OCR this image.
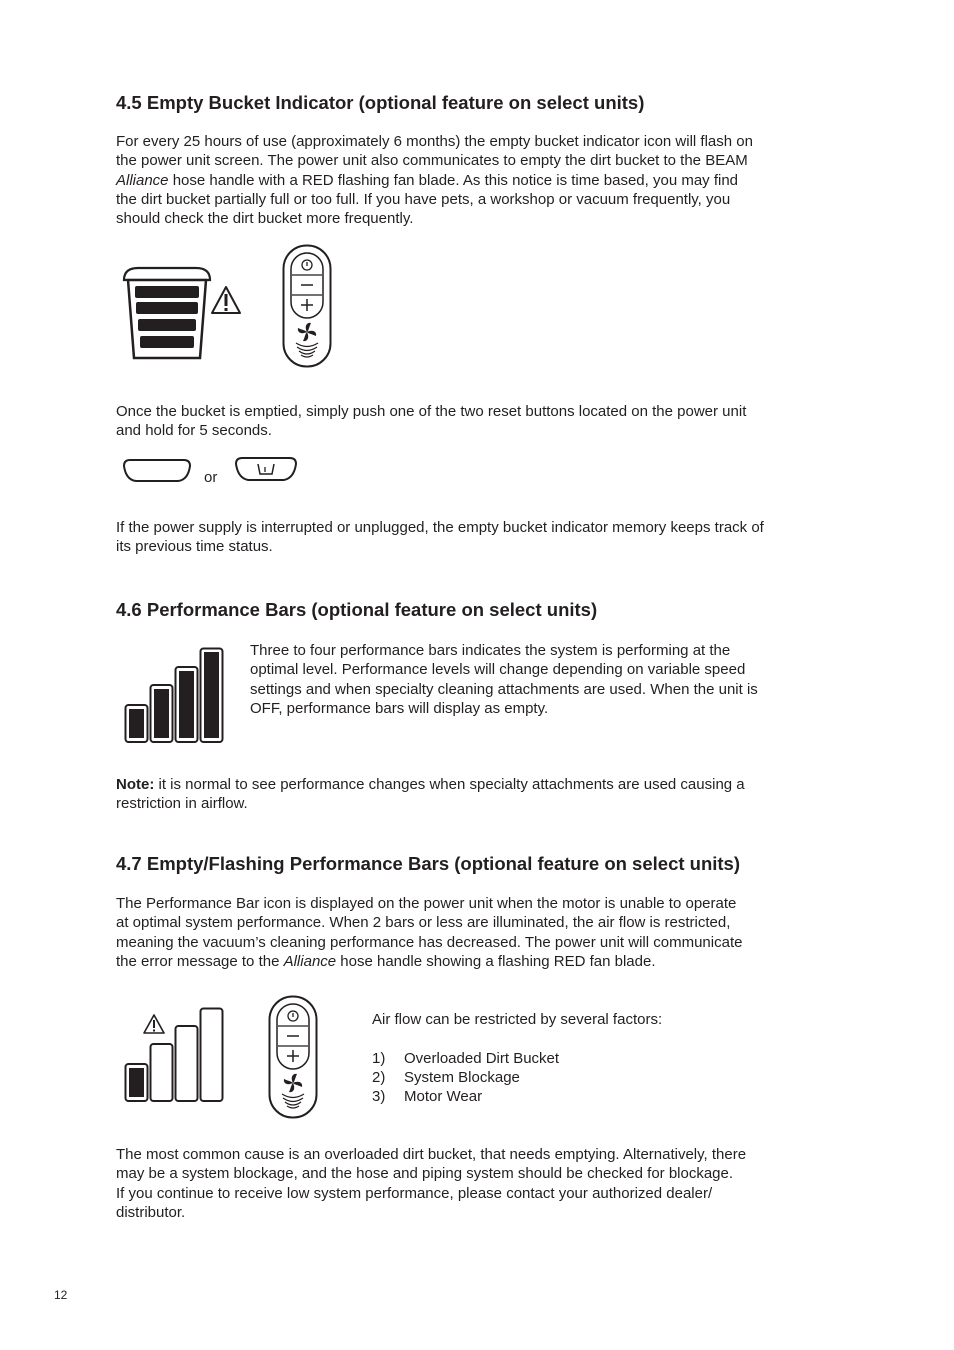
4.5 Empty Bucket Indicator (optional feature on select units)
For every 25 hours of use (approximately 6 months) the empty bucket indicator icon will flash on
the power unit screen. The power unit also communicates to empty the dirt bucket to the BEAM
Alliance hose handle with a RED flashing fan blade. As this notice is time based, you may find
the dirt bucket partially full or too full. If you have pets, a workshop or vacuum frequently, you
should check the dirt bucket more frequently.
Once the bucket is emptied, simply push one of the two reset buttons located on the power unit
and hold for 5 seconds.
or
If the power supply is interrupted or unplugged, the empty bucket indicator memory keeps track of
its previous time status.
4.6 Performance Bars (optional feature on select units)
Three to four performance bars indicates the system is performing at the
optimal level. Performance levels will change depending on variable speed
settings and when specialty cleaning attachments are used. When the unit is
OFF, performance bars will display as empty.
Note: it is normal to see performance changes when specialty attachments are used causing a
restriction in airflow.
4.7 Empty/Flashing Performance Bars (optional feature on select units)
The Performance Bar icon is displayed on the power unit when the motor is unable to operate
at optimal system performance. When 2 bars or less are illuminated, the air flow is restricted,
meaning the vacuum’s cleaning performance has decreased. The power unit will communicate
the error message to the Alliance hose handle showing a flashing RED fan blade.
Air flow can be restricted by several factors:

1) Overloaded Dirt Bucket
2) System Blockage
3) Motor Wear
The most common cause is an overloaded dirt bucket, that needs emptying. Alternatively, there
may be a system blockage, and the hose and piping system should be checked for blockage.
If you continue to receive low system performance, please contact your authorized dealer/
distributor.
12
